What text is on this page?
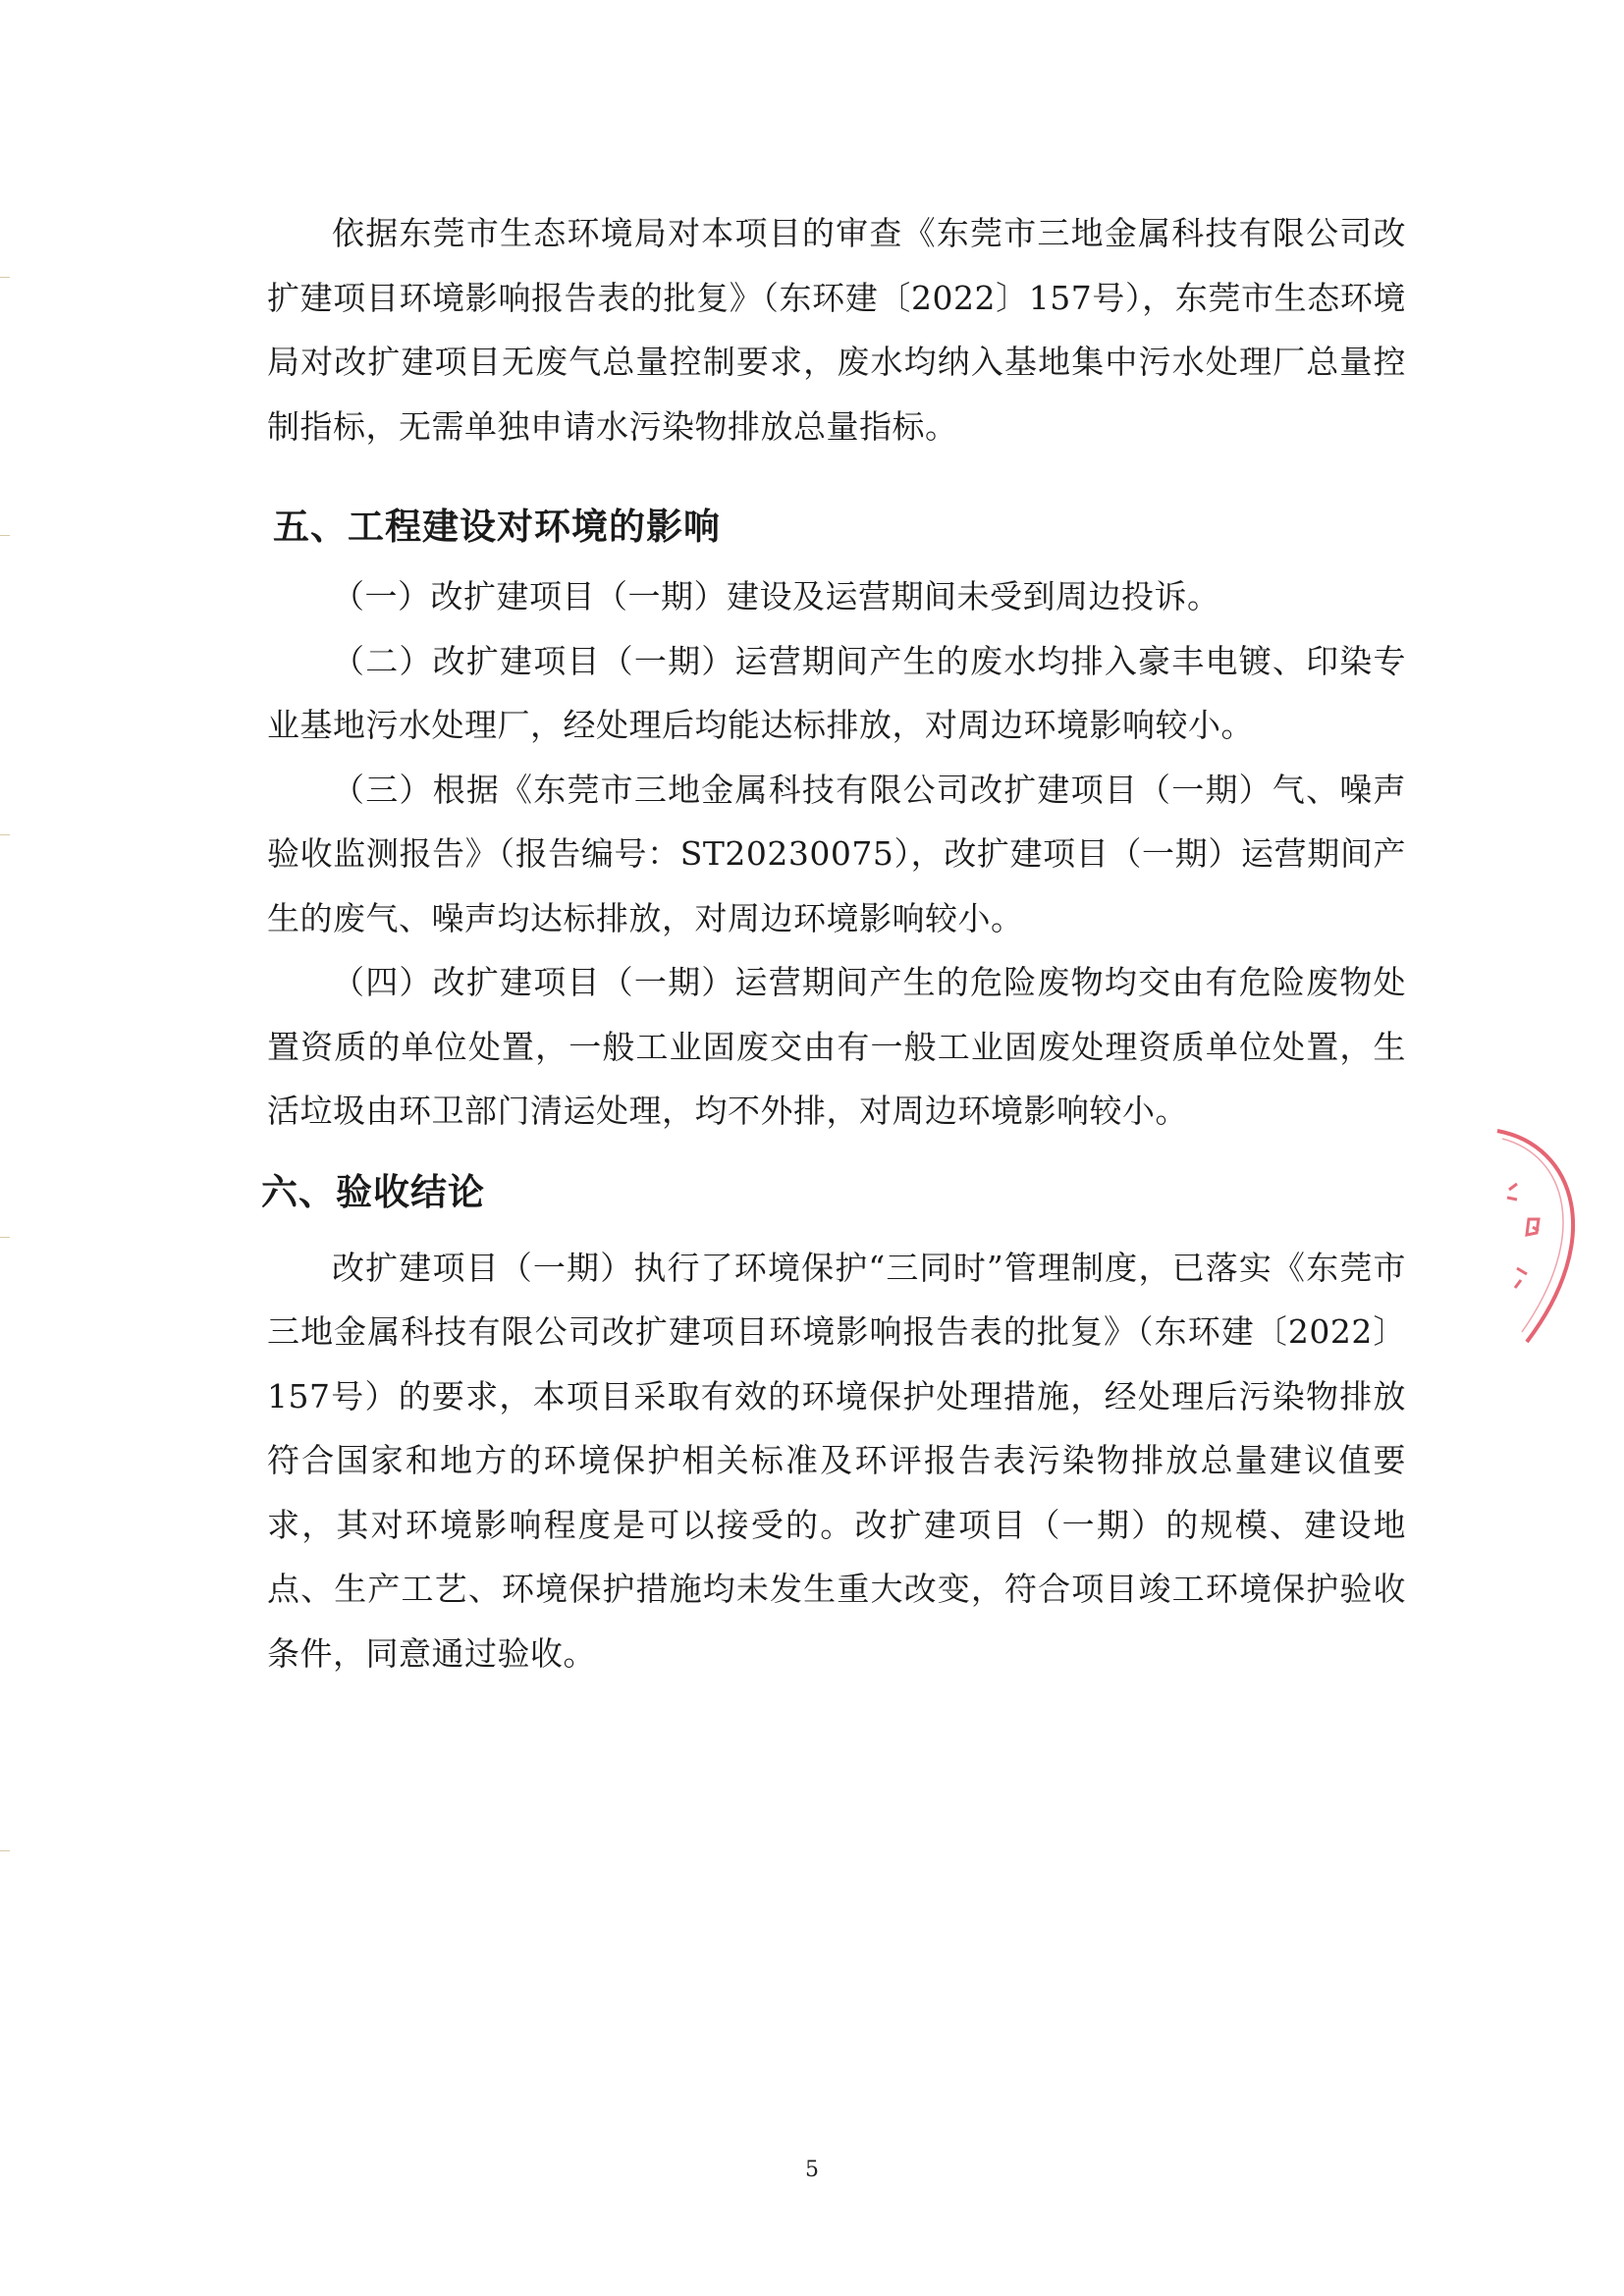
依据东莞市生态环境局对本项目的审查《东莞市三地金属科技有限公司改扩建项目环境影响报告表的批复》（东环建〔2022〕157号），东莞市生态环境局对改扩建项目无废气总量控制要求，废水均纳入基地集中污水处理厂总量控制指标，无需单独申请水污染物排放总量指标。

五、工程建设对环境的影响

（一）改扩建项目（一期）建设及运营期间未受到周边投诉。

（二）改扩建项目（一期）运营期间产生的废水均排入豪丰电镀、印染专业基地污水处理厂，经处理后均能达标排放，对周边环境影响较小。

（三）根据《东莞市三地金属科技有限公司改扩建项目（一期）气、噪声验收监测报告》（报告编号：ST20230075），改扩建项目（一期）运营期间产生的废气、噪声均达标排放，对周边环境影响较小。

（四）改扩建项目（一期）运营期间产生的危险废物均交由有危险废物处置资质的单位处置，一般工业固废交由有一般工业固废处理资质单位处置，生活垃圾由环卫部门清运处理，均不外排，对周边环境影响较小。

六、验收结论

改扩建项目（一期）执行了环境保护“三同时”管理制度，已落实《东莞市三地金属科技有限公司改扩建项目环境影响报告表的批复》（东环建〔2022〕157号）的要求，本项目采取有效的环境保护处理措施，经处理后污染物排放符合国家和地方的环境保护相关标准及环评报告表污染物排放总量建议值要求，其对环境影响程度是可以接受的。改扩建项目（一期）的规模、建设地点、生产工艺、环境保护措施均未发生重大改变，符合项目竣工环境保护验收条件，同意通过验收。

5
